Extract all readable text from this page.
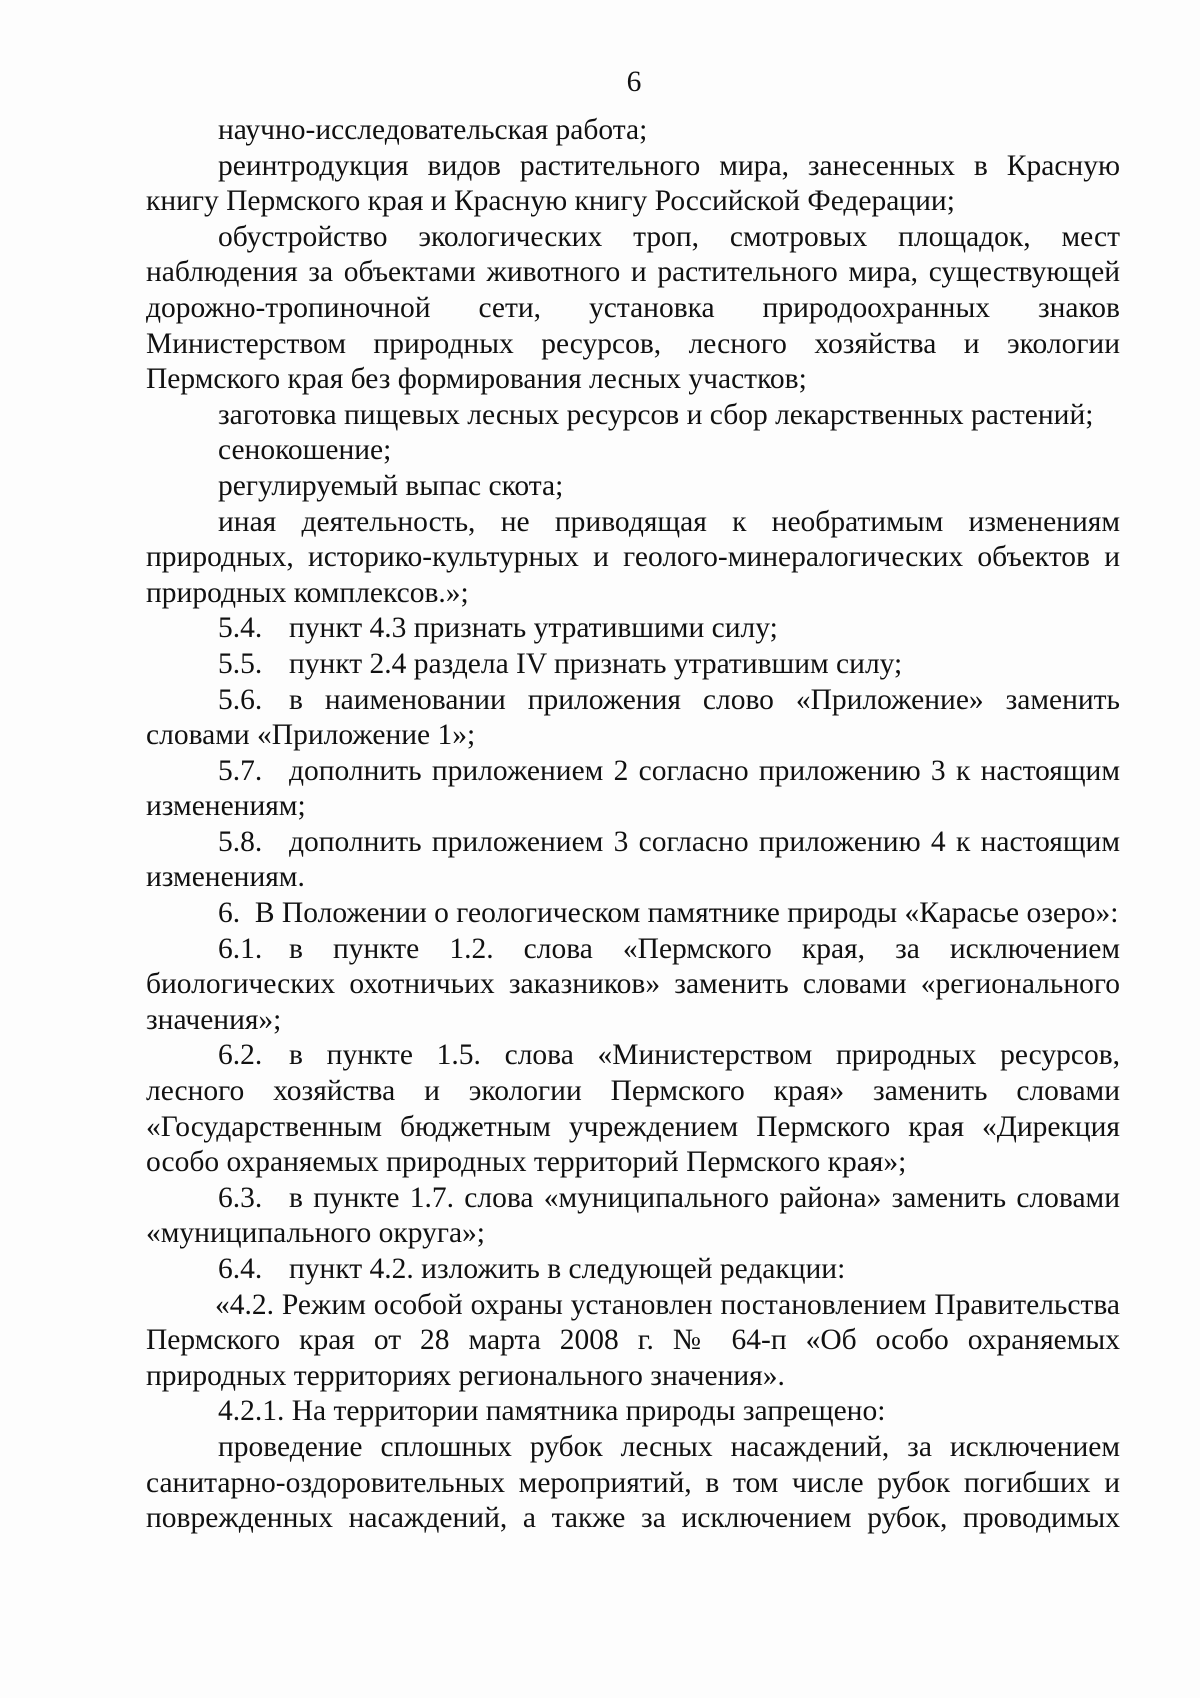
6

научно-исследовательская работа;

реинтродукция видов растительного мира, занесенных в Красную книгу Пермского края и Красную книгу Российской Федерации;

обустройство экологических троп, смотровых площадок, мест наблюдения за объектами животного и растительного мира, существующей дорожно-тропиночной сети, установка природоохранных знаков Министерством природных ресурсов, лесного хозяйства и экологии Пермского края без формирования лесных участков;

заготовка пищевых лесных ресурсов и сбор лекарственных растений;

сенокошение;

регулируемый выпас скота;

иная деятельность, не приводящая к необратимым изменениям природных, историко-культурных и геолого-минералогических объектов и природных комплексов.»;

5.4. пункт 4.3 признать утратившими силу;

5.5. пункт 2.4 раздела IV признать утратившим силу;

5.6. в наименовании приложения слово «Приложение» заменить словами «Приложение 1»;

5.7. дополнить приложением 2 согласно приложению 3 к настоящим изменениям;

5.8. дополнить приложением 3 согласно приложению 4 к настоящим изменениям.

6.  В Положении о геологическом памятнике природы «Карасье озеро»:

6.1. в пункте 1.2. слова «Пермского края, за исключением биологических охотничьих заказников» заменить словами «регионального значения»;

6.2. в пункте 1.5. слова «Министерством природных ресурсов, лесного хозяйства и экологии Пермского края» заменить словами «Государственным бюджетным учреждением Пермского края «Дирекция особо охраняемых природных территорий Пермского края»;

6.3. в пункте 1.7. слова «муниципального района» заменить словами «муниципального округа»;

6.4. пункт 4.2. изложить в следующей редакции:

«4.2. Режим особой охраны установлен постановлением Правительства Пермского края от 28 марта 2008 г. № 64-п «Об особо охраняемых природных территориях регионального значения».

4.2.1. На территории памятника природы запрещено:

проведение сплошных рубок лесных насаждений, за исключением санитарно-оздоровительных мероприятий, в том числе рубок погибших и поврежденных насаждений, а также за исключением рубок, проводимых
